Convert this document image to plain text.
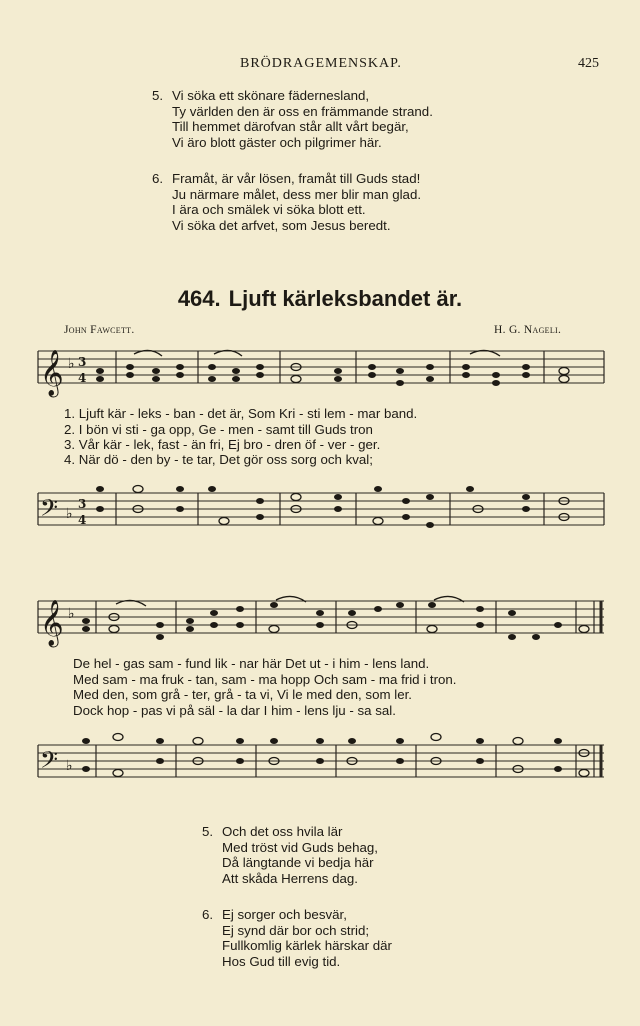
BRÖDRAGEMENSKAP.	425
5. Vi söka ett skönare fädernesland,
Ty världen den är oss en främmande strand.
Till hemmet därofvan står allt vårt begär,
Vi äro blott gäster och pilgrimer här.
6. Framåt, är vår lösen, framåt till Guds stad!
Ju närmare målet, dess mer blir man glad.
I ära och smälek vi söka blott ett.
Vi söka det arfvet, som Jesus beredt.
464. Ljuft kärleksbandet är.
John Fawcett.	H. G. Nageli.
𝄞 ♭ 3
4
1. Ljuft kär - leks - ban - det är, Som Kri - sti lem - mar band.
2. I bön vi sti - ga opp, Ge - men - samt till Guds tron
3. Vår kär - lek, fast - än fri, Ej bro - dren öf - ver - ger.
4. När dö - den by - te tar, Det gör oss sorg och kval;
𝄢 ♭
3
4
𝄞 ♭
De hel - gas sam - fund lik - nar här Det ut - i him - lens land.
Med sam - ma fruk - tan, sam - ma hopp Och sam - ma frid i tron.
Med den, som grå - ter, grå - ta vi, Vi le med den, som ler.
Dock hop - pas vi på säl - la dar I him - lens lju - sa sal.
𝄢 ♭
5. Och det oss hvila lär
Med tröst vid Guds behag,
Då längtande vi bedja här
Att skåda Herrens dag.
6. Ej sorger och besvär,
Ej synd där bor och strid;
Fullkomlig kärlek härskar där
Hos Gud till evig tid.
